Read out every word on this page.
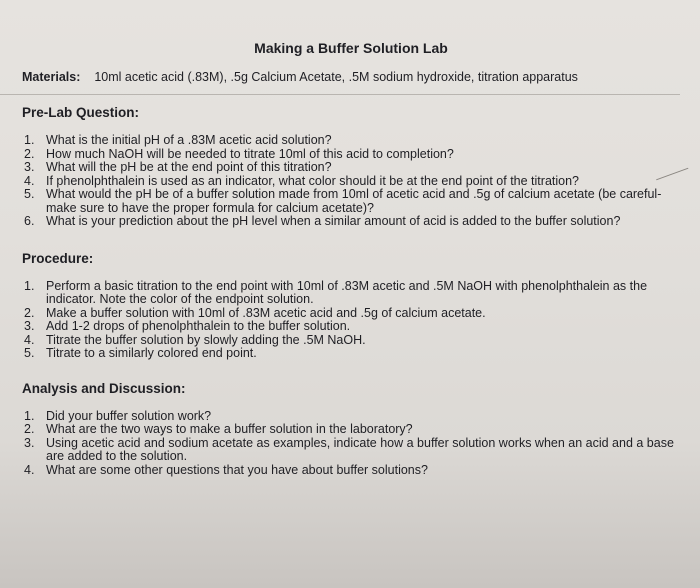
Making a Buffer Solution Lab
Materials: 10ml acetic acid (.83M), .5g Calcium Acetate, .5M sodium hydroxide, titration apparatus
Pre-Lab Question:
1. What is the initial pH of a .83M acetic acid solution?
2. How much NaOH will be needed to titrate 10ml of this acid to completion?
3. What will the pH be at the end point of this titration?
4. If phenolphthalein is used as an indicator, what color should it be at the end point of the titration?
5. What would the pH be of a buffer solution made from 10ml of acetic acid and .5g of calcium acetate (be careful- make sure to have the proper formula for calcium acetate)?
6. What is your prediction about the pH level when a similar amount of acid is added to the buffer solution?
Procedure:
1. Perform a basic titration to the end point with 10ml of .83M acetic and .5M NaOH with phenolphthalein as the indicator. Note the color of the endpoint solution.
2. Make a buffer solution with 10ml of .83M acetic acid and .5g of calcium acetate.
3. Add 1-2 drops of phenolphthalein to the buffer solution.
4. Titrate the buffer solution by slowly adding the .5M NaOH.
5. Titrate to a similarly colored end point.
Analysis and Discussion:
1. Did your buffer solution work?
2. What are the two ways to make a buffer solution in the laboratory?
3. Using acetic acid and sodium acetate as examples, indicate how a buffer solution works when an acid and a base are added to the solution.
4. What are some other questions that you have about buffer solutions?
